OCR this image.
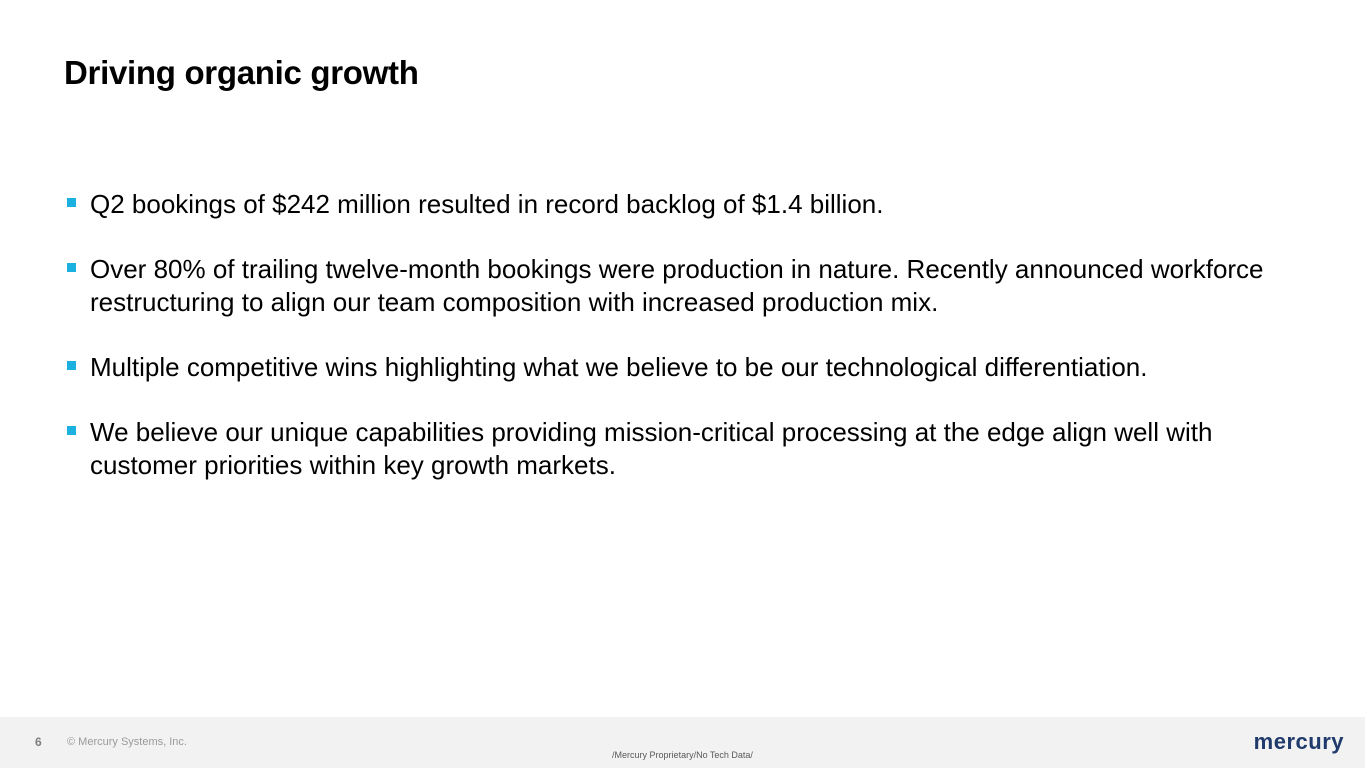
Driving organic growth
Q2 bookings of $242 million resulted in record backlog of $1.4 billion.
Over 80% of trailing twelve-month bookings were production in nature. Recently announced workforce restructuring to align our team composition with increased production mix.
Multiple competitive wins highlighting what we believe to be our technological differentiation.
We believe our unique capabilities providing mission-critical processing at the edge align well with customer priorities within key growth markets.
6 © Mercury Systems, Inc.
/Mercury Proprietary/No Tech Data/
mercury
